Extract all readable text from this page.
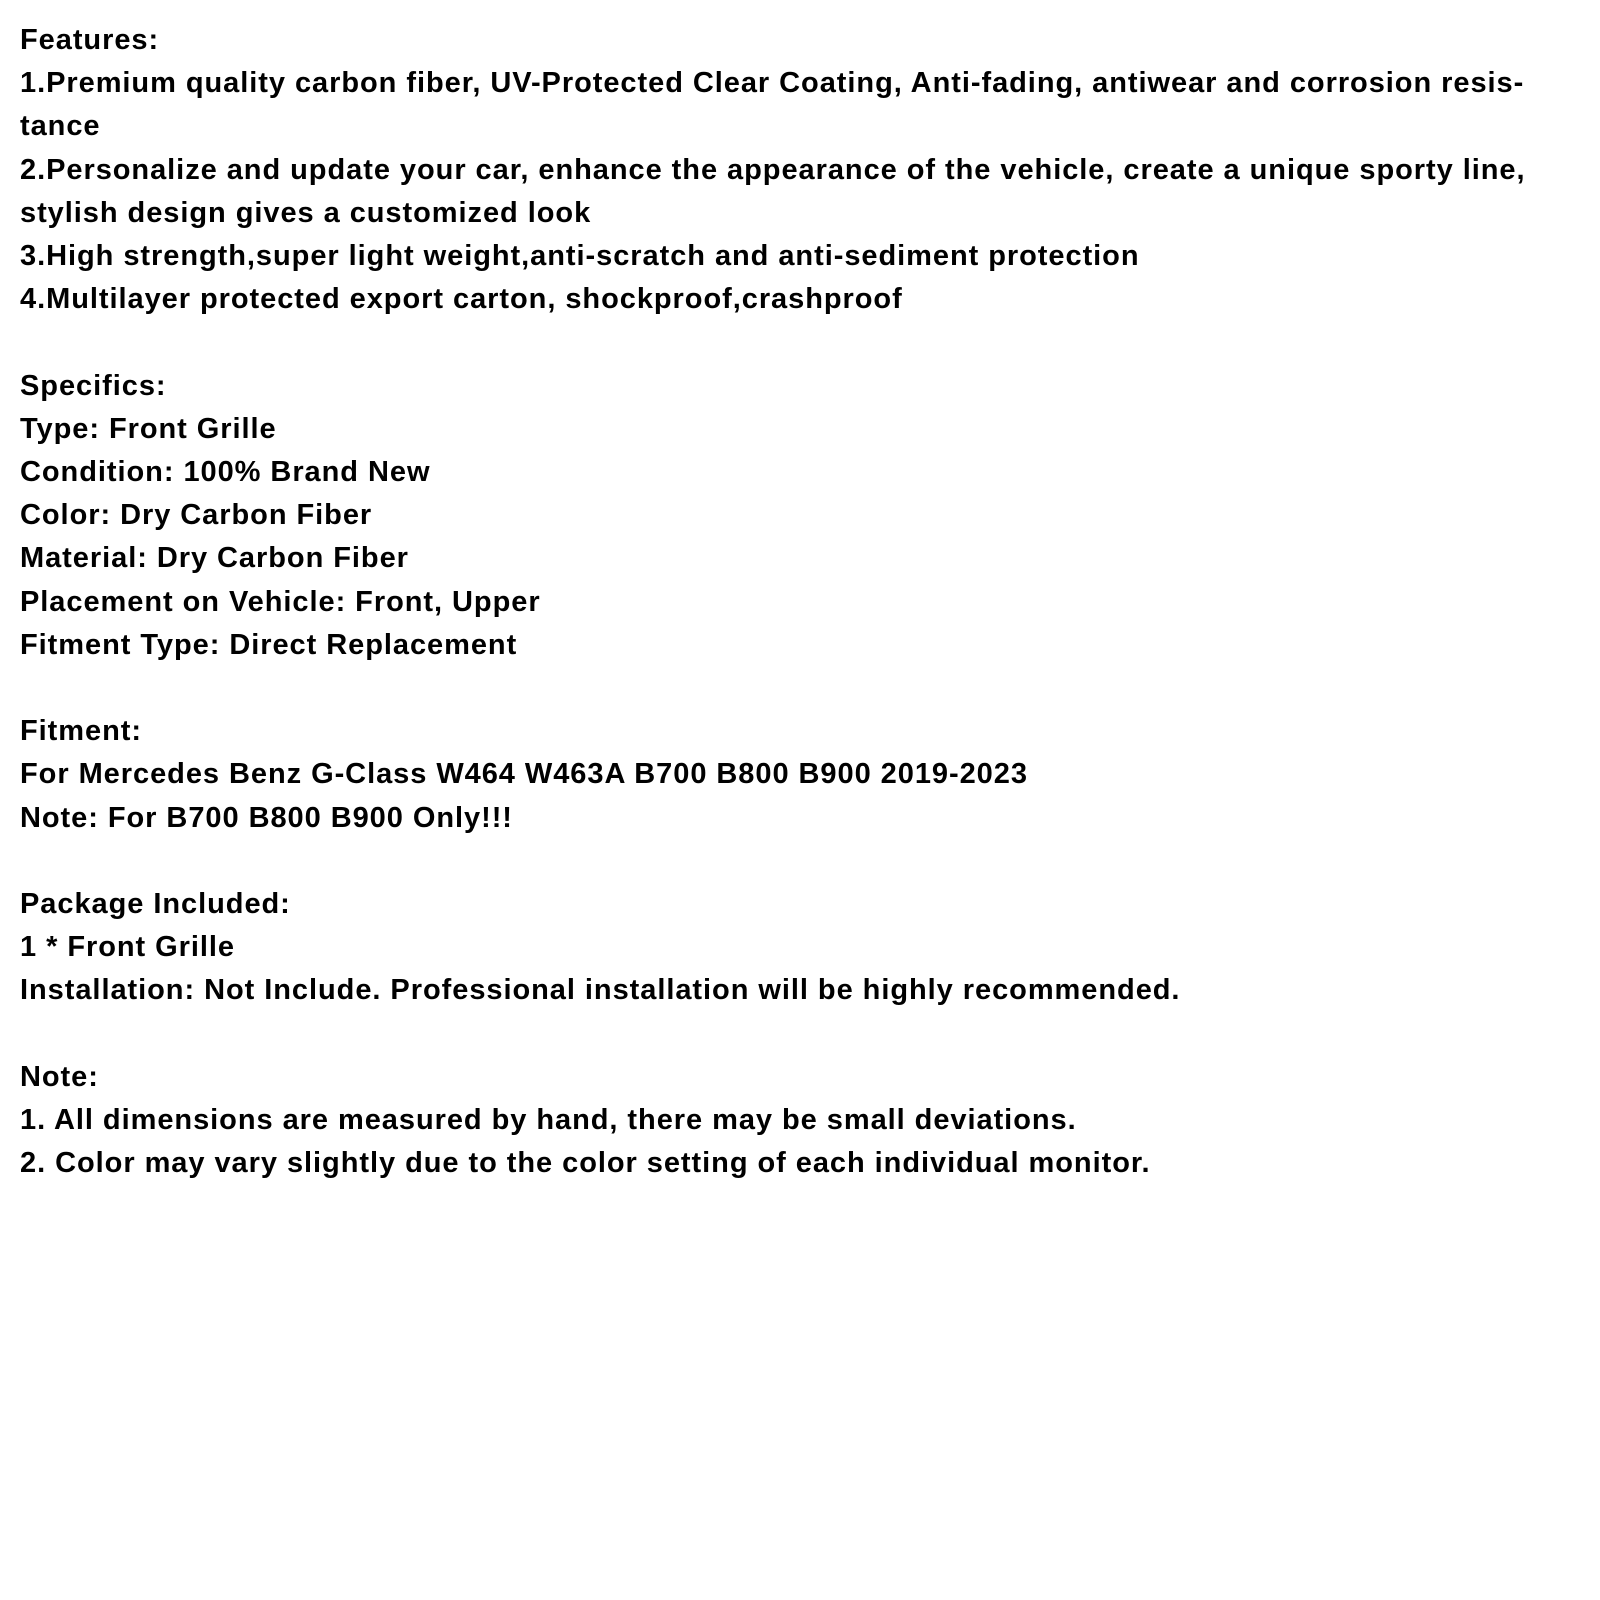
Features:

1.Premium quality carbon fiber, UV-Protected Clear Coating, Anti-fading, antiwear and corrosion resis-

tance

2.Personalize and update your car, enhance the appearance of the vehicle, create a unique sporty line,

stylish design gives a customized look

3.High strength,super light weight,anti-scratch and anti-sediment protection

4.Multilayer protected export carton, shockproof,crashproof

Specifics:

Type: Front Grille

Condition: 100% Brand New

Color: Dry Carbon Fiber

Material: Dry Carbon Fiber

Placement on Vehicle: Front, Upper

Fitment Type: Direct Replacement

Fitment:

For Mercedes Benz G-Class W464 W463A B700 B800 B900 2019-2023

Note: For B700 B800 B900 Only!!!

Package Included:

1 * Front Grille

Installation: Not Include. Professional installation will be highly recommended.

Note:

1. All dimensions are measured by hand, there may be small deviations.

2. Color may vary slightly due to the color setting of each individual monitor.
